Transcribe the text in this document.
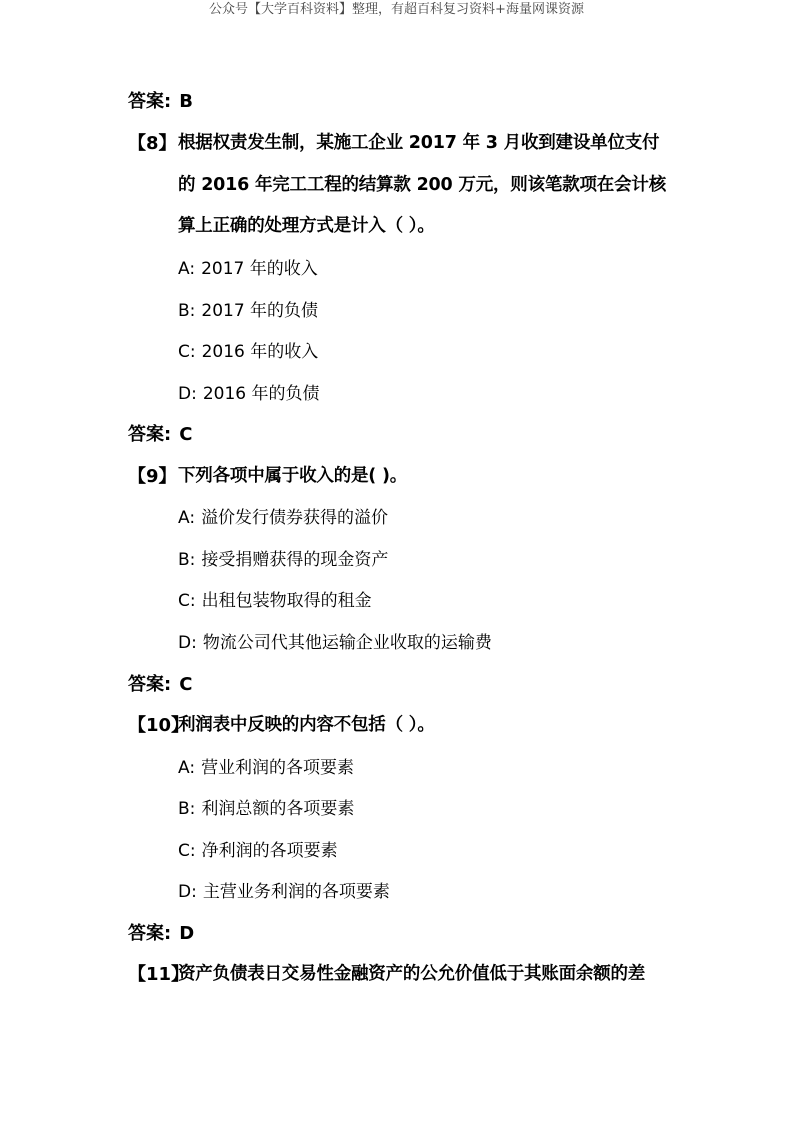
公众号【大学百科资料】整理，有超百科复习资料+海量网课资源
答案: B
【8】 根据权责发生制，某施工企业 2017 年 3 月收到建设单位支付
的 2016 年完工工程的结算款 200 万元，则该笔款项在会计核
算上正确的处理方式是计入（ ）。
A: 2017 年的收入
B: 2017 年的负债
C: 2016 年的收入
D: 2016 年的负债
答案: C
【9】 下列各项中属于收入的是( )。
A: 溢价发行债券获得的溢价
B: 接受捐赠获得的现金资产
C: 出租包装物取得的租金
D: 物流公司代其他运输企业收取的运输费
答案: C
【10】
利润表中反映的内容不包括（ ）。
A: 营业利润的各项要素
B: 利润总额的各项要素
C: 净利润的各项要素
D: 主营业务利润的各项要素
答案: D
【11】
资产负债表日交易性金融资产的公允价值低于其账面余额的差
